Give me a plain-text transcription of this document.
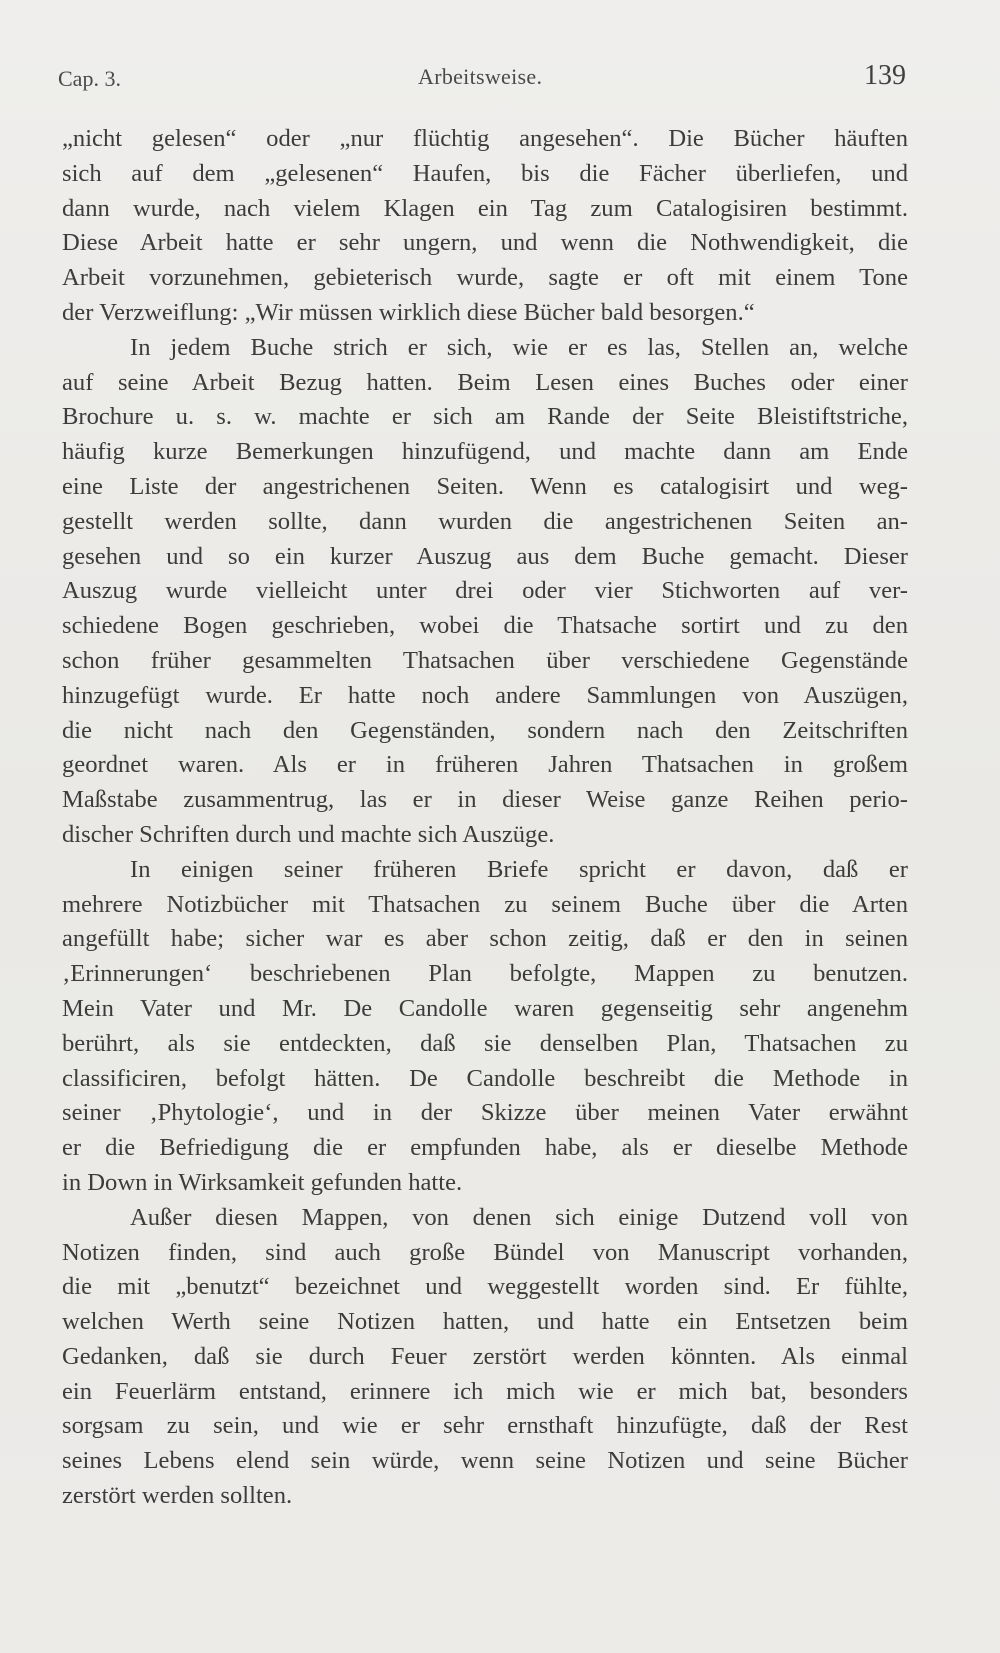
Cap. 3.	Arbeitsweise.	139
„nicht gelesen“ oder „nur flüchtig angesehen“. Die Bücher häuften
sich auf dem „gelesenen“ Haufen, bis die Fächer überliefen, und
dann wurde, nach vielem Klagen ein Tag zum Catalogisiren bestimmt.
Diese Arbeit hatte er sehr ungern, und wenn die Nothwendigkeit, die
Arbeit vorzunehmen, gebieterisch wurde, sagte er oft mit einem Tone
der Verzweiflung: „Wir müssen wirklich diese Bücher bald besorgen.“
In jedem Buche strich er sich, wie er es las, Stellen an, welche
auf seine Arbeit Bezug hatten. Beim Lesen eines Buches oder einer
Brochure u. s. w. machte er sich am Rande der Seite Bleistiftstriche,
häufig kurze Bemerkungen hinzufügend, und machte dann am Ende
eine Liste der angestrichenen Seiten. Wenn es catalogisirt und weg-
gestellt werden sollte, dann wurden die angestrichenen Seiten an-
gesehen und so ein kurzer Auszug aus dem Buche gemacht. Dieser
Auszug wurde vielleicht unter drei oder vier Stichworten auf ver-
schiedene Bogen geschrieben, wobei die Thatsache sortirt und zu den
schon früher gesammelten Thatsachen über verschiedene Gegenstände
hinzugefügt wurde. Er hatte noch andere Sammlungen von Auszügen,
die nicht nach den Gegenständen, sondern nach den Zeitschriften
geordnet waren. Als er in früheren Jahren Thatsachen in großem
Maßstabe zusammentrug, las er in dieser Weise ganze Reihen perio-
discher Schriften durch und machte sich Auszüge.
In einigen seiner früheren Briefe spricht er davon, daß er
mehrere Notizbücher mit Thatsachen zu seinem Buche über die Arten
angefüllt habe; sicher war es aber schon zeitig, daß er den in seinen
‚Erinnerungen‘ beschriebenen Plan befolgte, Mappen zu benutzen.
Mein Vater und Mr. De Candolle waren gegenseitig sehr angenehm
berührt, als sie entdeckten, daß sie denselben Plan, Thatsachen zu
classificiren, befolgt hätten. De Candolle beschreibt die Methode in
seiner ‚Phytologie‘, und in der Skizze über meinen Vater erwähnt
er die Befriedigung die er empfunden habe, als er dieselbe Methode
in Down in Wirksamkeit gefunden hatte.
Außer diesen Mappen, von denen sich einige Dutzend voll von
Notizen finden, sind auch große Bündel von Manuscript vorhanden,
die mit „benutzt“ bezeichnet und weggestellt worden sind. Er fühlte,
welchen Werth seine Notizen hatten, und hatte ein Entsetzen beim
Gedanken, daß sie durch Feuer zerstört werden könnten. Als einmal
ein Feuerlärm entstand, erinnere ich mich wie er mich bat, besonders
sorgsam zu sein, und wie er sehr ernsthaft hinzufügte, daß der Rest
seines Lebens elend sein würde, wenn seine Notizen und seine Bücher
zerstört werden sollten.
